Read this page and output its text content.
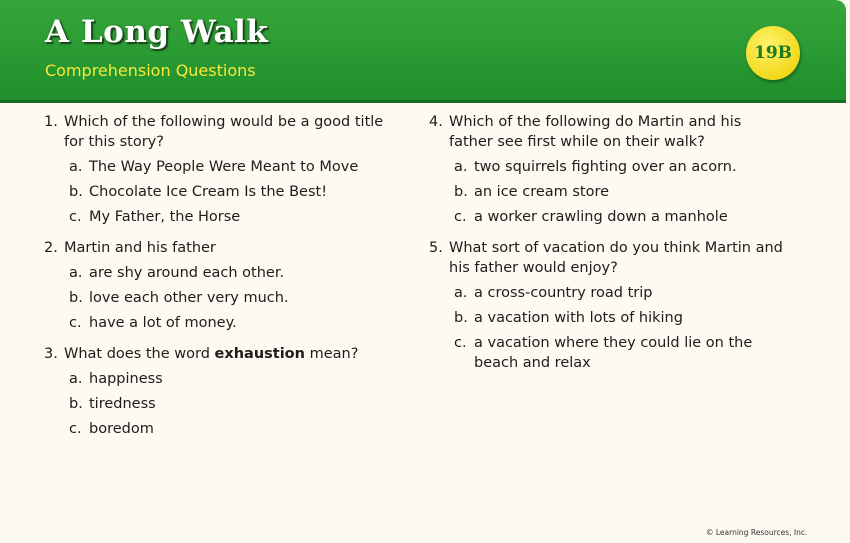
A Long Walk
Comprehension Questions
19B
1. Which of the following would be a good title for this story?
a. The Way People Were Meant to Move
b. Chocolate Ice Cream Is the Best!
c. My Father, the Horse
2. Martin and his father
a. are shy around each other.
b. love each other very much.
c. have a lot of money.
3. What does the word exhaustion mean?
a. happiness
b. tiredness
c. boredom
4. Which of the following do Martin and his father see first while on their walk?
a. two squirrels fighting over an acorn.
b. an ice cream store
c. a worker crawling down a manhole
5. What sort of vacation do you think Martin and his father would enjoy?
a. a cross-country road trip
b. a vacation with lots of hiking
c. a vacation where they could lie on the beach and relax
© Learning Resources, Inc.
